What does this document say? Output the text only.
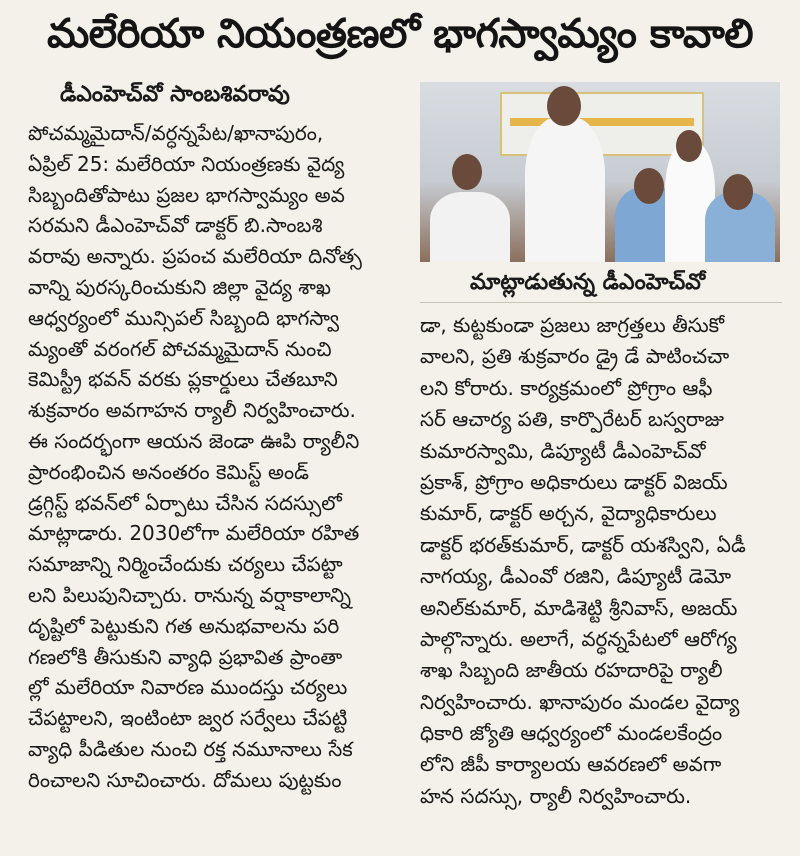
మలేరియా నియంత్రణలో భాగస్వామ్యం కావాలి
డీఎంహెచ్‌వో సాంబశివరావు
పోచమ్మమైదాన్/వర్ధన్నపేట/ఖానాపురం,
ఏప్రిల్ 25: మలేరియా నియంత్రణకు వైద్య
సిబ్బందితోపాటు ప్రజల భాగస్వామ్యం అవ
సరమని డీఎంహెచ్‌వో డాక్టర్ బి.సాంబశి
వరావు అన్నారు. ప్రపంచ మలేరియా దినోత్స
వాన్ని పురస్కరించుకుని జిల్లా వైద్య శాఖ
ఆధ్వర్యంలో మున్సిపల్ సిబ్బంది భాగస్వా
మ్యంతో వరంగల్ పోచమ్మమైదాన్ నుంచి
కెమిస్ట్రీ భవన్ వరకు ప్లకార్డులు చేతబూని
శుక్రవారం అవగాహన ర్యాలీ నిర్వహించారు.
ఈ సందర్భంగా ఆయన జెండా ఊపి ర్యాలీని
ప్రారంభించిన అనంతరం కెమిస్ట్ అండ్
డ్రగ్గిస్ట్ భవన్‌లో ఏర్పాటు చేసిన సదస్సులో
మాట్లాడారు. 2030లోగా మలేరియా రహిత
సమాజాన్ని నిర్మించేందుకు చర్యలు చేపట్టా
లని పిలుపునిచ్చారు. రానున్న వర్షాకాలాన్ని
దృష్టిలో పెట్టుకుని గత అనుభవాలను పరి
గణలోకి తీసుకుని వ్యాధి ప్రభావిత ప్రాంతా
ల్లో మలేరియా నివారణ ముందస్తు చర్యలు
చేపట్టాలని, ఇంటింటా జ్వర సర్వేలు చేపట్టి
వ్యాధి పీడితుల నుంచి రక్త నమూనాలు సేక
రించాలని సూచించారు. దోమలు పుట్టకుం
మాట్లాడుతున్న డీఎంహెచ్‌వో
డా, కుట్టకుండా ప్రజలు జాగ్రత్తలు తీసుకో
వాలని, ప్రతి శుక్రవారం డ్రై డే పాటించచా
లని కోరారు. కార్యక్రమంలో ప్రోగ్రాం ఆఫీ
సర్ ఆచార్య పతి, కార్పొరేటర్ బస్వరాజు
కుమారస్వామి, డిప్యూటీ డీఎంహెచ్‌వో
ప్రకాశ్, ప్రోగ్రాం అధికారులు డాక్టర్ విజయ్
కుమార్, డాక్టర్ అర్చన, వైద్యాధికారులు
డాక్టర్ భరత్‌కుమార్, డాక్టర్ యశస్విని, ఏడీ
నాగయ్య, డీఎంవో రజిని, డిప్యూటీ డెమో
అనిల్‌కుమార్, మాడిశెట్టి శ్రీనివాస్, అజయ్
పాల్గొన్నారు. అలాగే, వర్ధన్నపేటలో ఆరోగ్య
శాఖ సిబ్బంది జాతీయ రహదారిపై ర్యాలీ
నిర్వహించారు. ఖానాపురం మండల వైద్యా
ధికారి జ్యోతి ఆధ్వర్యంలో మండలకేంద్రం
లోని జీపీ కార్యాలయ ఆవరణలో అవగా
హన సదస్సు, ర్యాలీ నిర్వహించారు.
